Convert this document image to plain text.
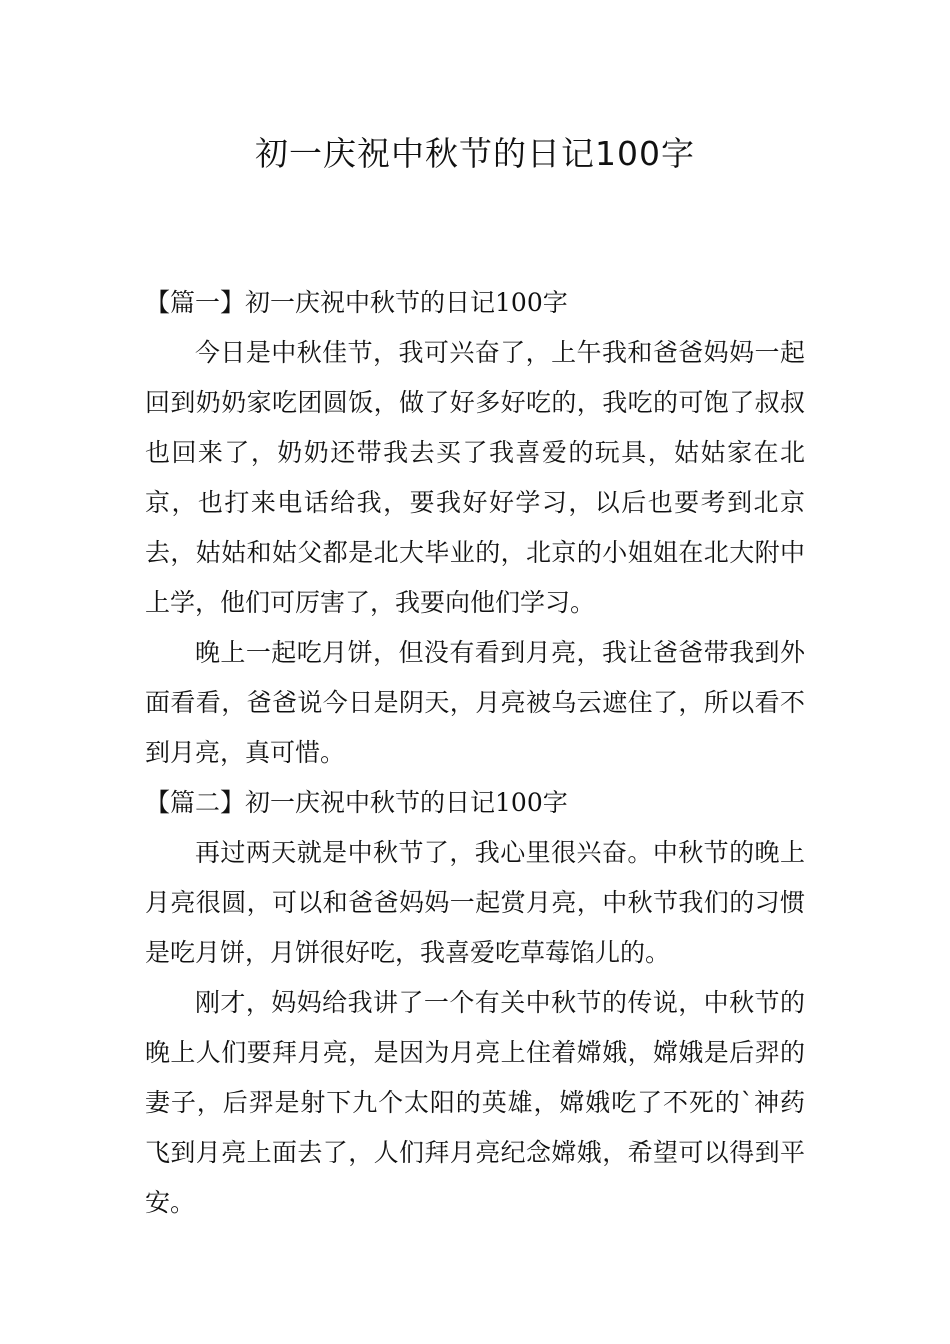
初一庆祝中秋节的日记100字

【篇一】初一庆祝中秋节的日记100字

今日是中秋佳节，我可兴奋了，上午我和爸爸妈妈一起回到奶奶家吃团圆饭，做了好多好吃的，我吃的可饱了叔叔也回来了，奶奶还带我去买了我喜爱的玩具，姑姑家在北京，也打来电话给我，要我好好学习，以后也要考到北京去，姑姑和姑父都是北大毕业的，北京的小姐姐在北大附中上学，他们可厉害了，我要向他们学习。

晚上一起吃月饼，但没有看到月亮，我让爸爸带我到外面看看，爸爸说今日是阴天，月亮被乌云遮住了，所以看不到月亮，真可惜。

【篇二】初一庆祝中秋节的日记100字

再过两天就是中秋节了，我心里很兴奋。中秋节的晚上月亮很圆，可以和爸爸妈妈一起赏月亮，中秋节我们的习惯是吃月饼，月饼很好吃，我喜爱吃草莓馅儿的。

刚才，妈妈给我讲了一个有关中秋节的传说，中秋节的晚上人们要拜月亮，是因为月亮上住着嫦娥，嫦娥是后羿的妻子，后羿是射下九个太阳的英雄，嫦娥吃了不死的`神药飞到月亮上面去了，人们拜月亮纪念嫦娥，希望可以得到平安。
